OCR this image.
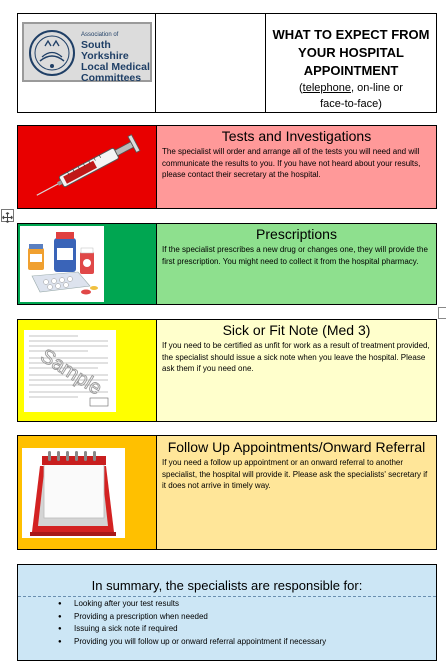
Association of
South Yorkshire
Local Medical
Committees
WHAT TO EXPECT FROM
YOUR HOSPITAL
APPOINTMENT
(telephone, on-line or
face-to-face)
Tests and Investigations

The specialist will order and arrange all of the tests you will need and will communicate the results to you. If you have not heard about your results, please contact their secretary at the hospital.

Prescriptions

If the specialist prescribes a new drug or changes one, they will provide the first prescription. You might need to collect it from the hospital pharmacy.

Sample
Sick or Fit Note (Med 3)

If you need to be certified as unfit for work as a result of treatment provided, the specialist should issue a sick note when you leave the hospital. Please ask them if you need one.

Follow Up Appointments/Onward Referral

If you need a follow up appointment or an onward referral to another specialist, the hospital will provide it. Please ask the specialists' secretary if it does not arrive in timely way.

In summary, the specialists are responsible for:
● Looking after your test results
● Providing a prescription when needed
● Issuing a sick note if required
● Providing you will follow up or onward referral appointment if necessary
